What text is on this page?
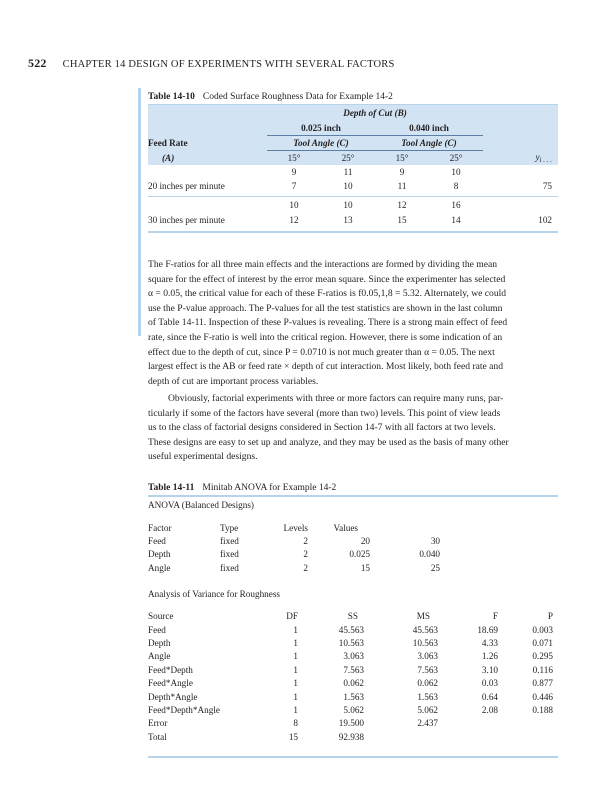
522 CHAPTER 14 DESIGN OF EXPERIMENTS WITH SEVERAL FACTORS
Table 14-10 Coded Surface Roughness Data for Example 14-2
	Depth of Cut (B)				
	0.025 inch		0.040 inch		
Feed Rate	Tool Angle (C)		Tool Angle (C)		
(A)	15°	25°	15°	25°	$y_{i . . .}$
	9	11	9	10	
20 inches per minute	7	10	11	8	75

	10	10	12	16	
30 inches per minute	12	13	15	14	102

The F-ratios for all three main effects and the interactions are formed by dividing the mean

square for the effect of interest by the error mean square. Since the experimenter has selected

α = 0.05, the critical value for each of these F-ratios is f0.05,1,8 = 5.32. Alternately, we could

use the P-value approach. The P-values for all the test statistics are shown in the last column

of Table 14-11. Inspection of these P-values is revealing. There is a strong main effect of feed

rate, since the F-ratio is well into the critical region. However, there is some indication of an

effect due to the depth of cut, since P = 0.0710 is not much greater than α = 0.05. The next

largest effect is the AB or feed rate × depth of cut interaction. Most likely, both feed rate and

depth of cut are important process variables.

Obviously, factorial experiments with three or more factors can require many runs, par-

ticularly if some of the factors have several (more than two) levels. This point of view leads

us to the class of factorial designs considered in Section 14-7 with all factors at two levels.

These designs are easy to set up and analyze, and they may be used as the basis of many other

useful experimental designs.

Table 14-11 Minitab ANOVA for Example 14-2
ANOVA (Balanced Designs)
Factor	Type	Levels	Values		
Feed	fixed	2	20	30	
Depth	fixed	2	0.025	0.040	
Angle	fixed	2	15	25	
Analysis of Variance for Roughness
Source	DF	SS	MS	F	P
Feed	1	45.563	45.563	18.69	0.003
Depth	1	10.563	10.563	4.33	0.071
Angle	1	3.063	3.063	1.26	0.295
Feed*Depth	1	7.563	7.563	3.10	0.116
Feed*Angle	1	0.062	0.062	0.03	0.877
Depth*Angle	1	1.563	1.563	0.64	0.446
Feed*Depth*Angle	1	5.062	5.062	2.08	0.188
Error	8	19.500	2.437		
Total	15	92.938			
